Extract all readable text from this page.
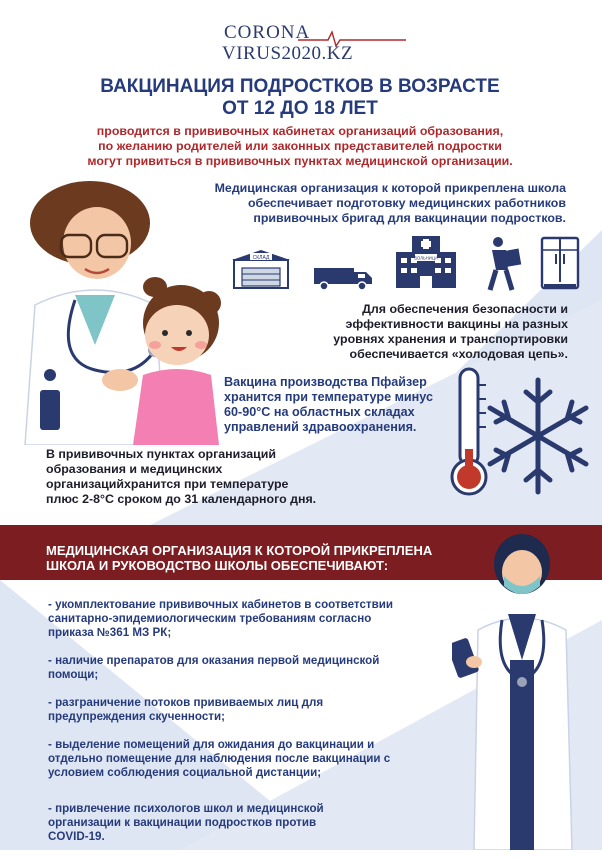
CORONA
VIRUS2020.KZ
ВАКЦИНАЦИЯ ПОДРОСТКОВ В ВОЗРАСТЕ
ОТ 12 ДО 18 ЛЕТ
проводится в прививочных кабинетах организаций образования,
по желанию родителей или законных представителей подростки
могут привиться в прививочных пунктах медицинской организации.
Медицинская организация к которой прикреплена школа
обеспечивает подготовку медицинских работников
прививочных бригад для вакцинации подростков.
СКЛАД	БОЛЬНИЦА
Для обеспечения безопасности и
эффективности вакцины на разных
уровнях хранения и транспортировки
обеспечивается «холодовая цепь».
Вакцина производства Пфайзер
хранится при температуре минус
60-90°С на областных складах
управлений здравоохранения.
В прививочных пунктах организаций
образования и медицинских
организацийхранится при температуре
плюс 2-8°С сроком до 31 календарного дня.
МЕДИЦИНСКАЯ ОРГАНИЗАЦИЯ К КОТОРОЙ ПРИКРЕПЛЕНА
ШКОЛА И РУКОВОДСТВО ШКОЛЫ ОБЕСПЕЧИВАЮТ:
- укомплектование прививочных кабинетов в соответствии
санитарно-эпидемиологическим требованиям согласно
приказа №361 МЗ РК;
- наличие препаратов для оказания первой медицинской
помощи;
- разграничение потоков прививаемых лиц для
предупреждения скученности;
- выделение помещений для ожидания до вакцинации и
отдельно помещение для наблюдения после вакцинации с
условием соблюдения социальной дистанции;
- привлечение психологов школ и медицинской
организации к вакцинации подростков против
COVID-19.
